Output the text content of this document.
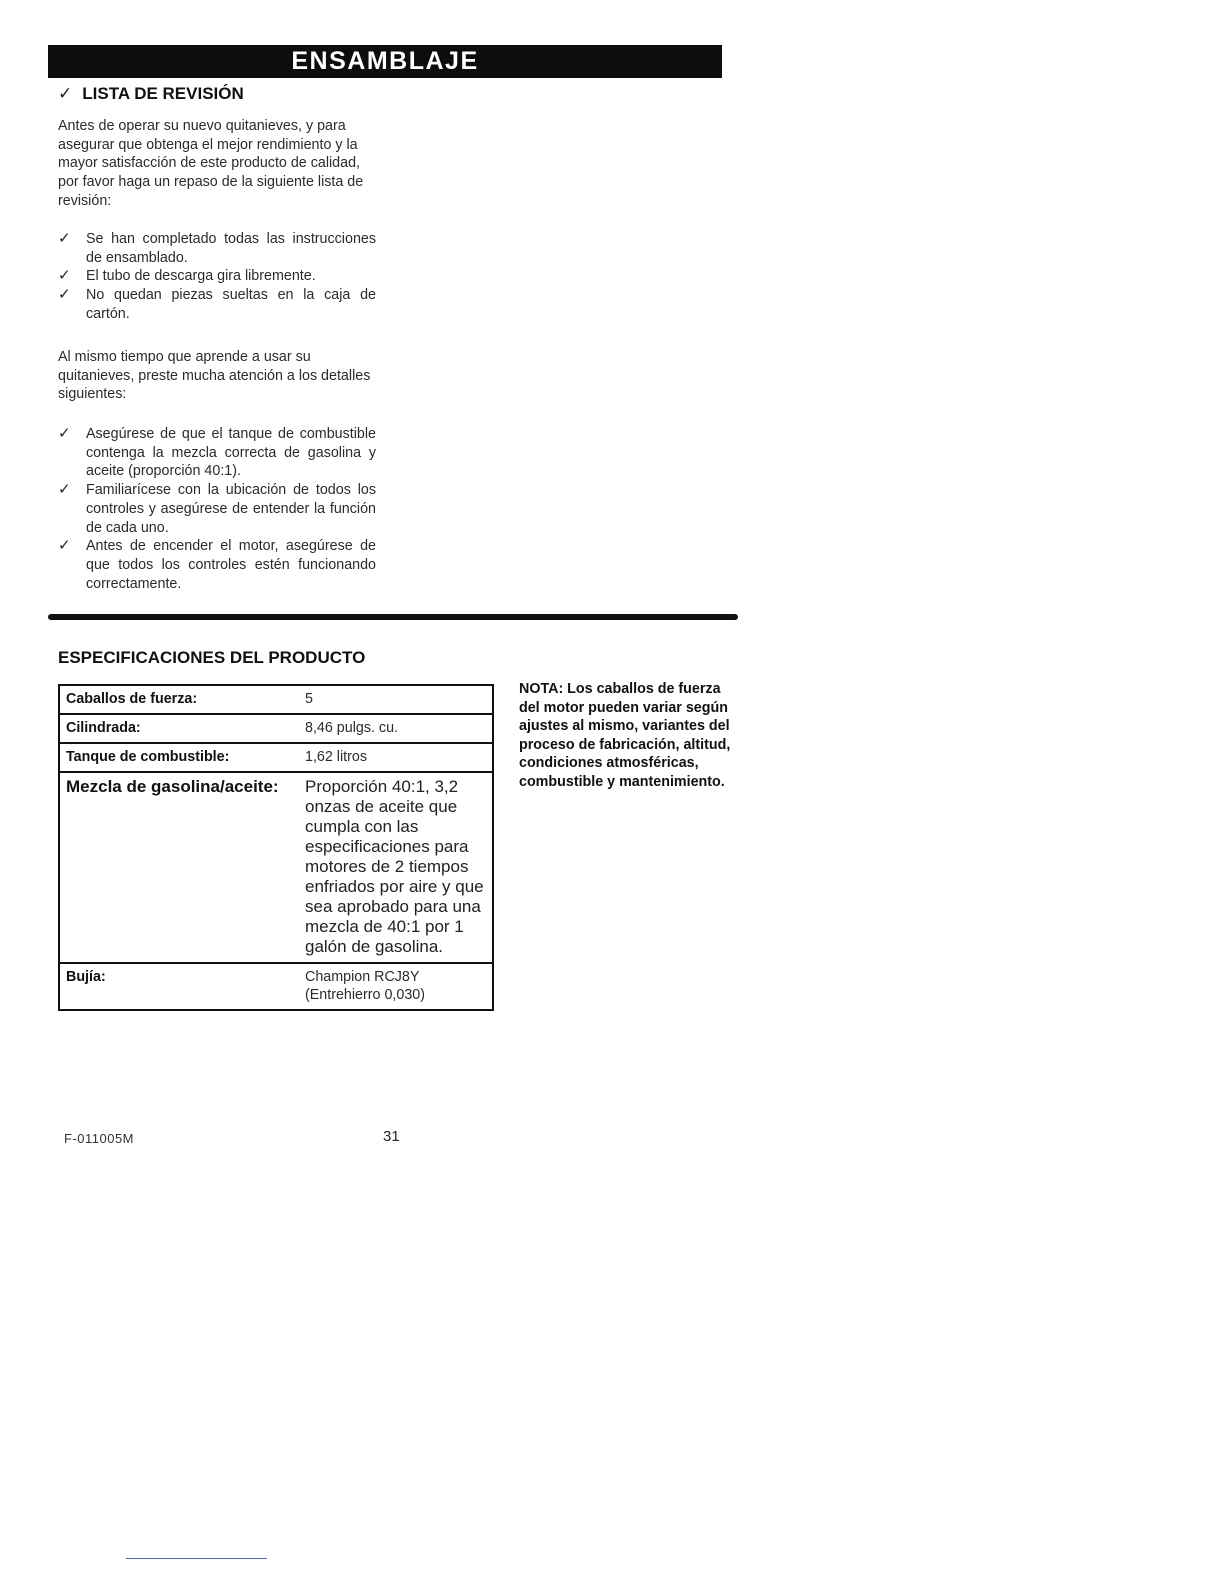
ENSAMBLAJE
✓ LISTA DE REVISIÓN

Antes de operar su nuevo quitanieves, y para asegurar que obtenga el mejor rendimiento y la mayor satisfacción de este producto de calidad, por favor haga un repaso de la siguiente lista de revisión:

✓ Se han completado todas las instrucciones de ensamblado.
✓ El tubo de descarga gira libremente.
✓ No quedan piezas sueltas en la caja de cartón.

Al mismo tiempo que aprende a usar su quitanieves, preste mucha atención a los detalles siguientes:

✓ Asegúrese de que el tanque de combustible contenga la mezcla correcta de gasolina y aceite (proporción 40:1).
✓ Familiarícese con la ubicación de todos los controles y asegúrese de entender la función de cada uno.
✓ Antes de encender el motor, asegúrese de que todos los controles estén funcionando correctamente.
ESPECIFICACIONES DEL PRODUCTO
Caballos de fuerza:	5
Cilindrada:	8,46 pulgs. cu.
Tanque de combustible:	1,62 litros
Mezcla de gasolina/aceite:	Proporción 40:1, 3,2 onzas de aceite que cumpla con las especificaciones para motores de 2 tiempos enfriados por aire y que sea aprobado para una mezcla de 40:1 por 1 galón de gasolina.
Bujía:	Champion RCJ8Y (Entrehierro 0,030)

NOTA: Los caballos de fuerza del motor pueden variar según ajustes al mismo, variantes del proceso de fabricación, altitud, condiciones atmosféricas, combustible y mantenimiento.

F-011005M	31
